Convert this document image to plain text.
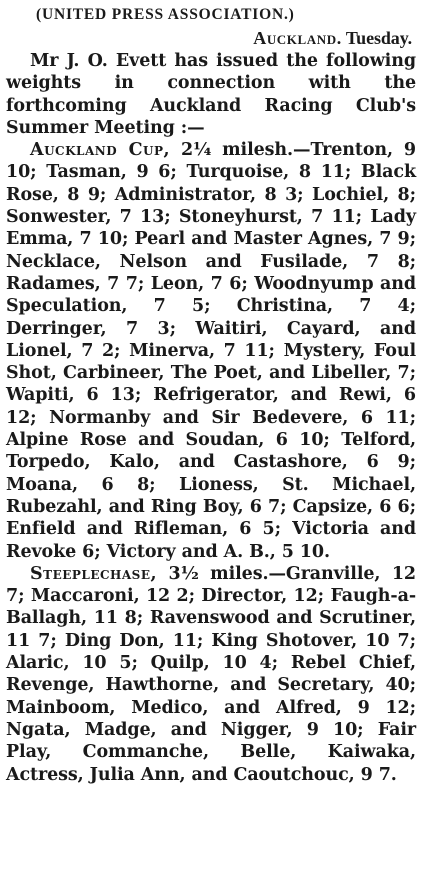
(UNITED PRESS ASSOCIATION.)
Auckland. Tuesday.

Mr J. O. Evett has issued the following weights in connection with the forthcoming Auckland Racing Club's Summer Meeting :—

Auckland Cup, 2¼ milesh.—Trenton, 9 10; Tasman, 9 6; Turquoise, 8 11; Black Rose, 8 9; Administrator, 8 3; Lochiel, 8; Sonwester, 7 13; Stoneyhurst, 7 11; Lady Emma, 7 10; Pearl and Master Agnes, 7 9; Necklace, Nelson and Fusilade, 7 8; Radames, 7 7; Leon, 7 6; Woodnyump and Speculation, 7 5; Christina, 7 4; Derringer, 7 3; Waitiri, Cayard, and Lionel, 7 2; Minerva, 7 11; Mystery, Foul Shot, Carbineer, The Poet, and Libeller, 7; Wapiti, 6 13; Refrigerator, and Rewi, 6 12; Normanby and Sir Bedevere, 6 11; Alpine Rose and Soudan, 6 10; Telford, Torpedo, Kalo, and Castashore, 6 9; Moana, 6 8; Lioness, St. Michael, Rubezahl, and Ring Boy, 6 7; Capsize, 6 6; Enfield and Rifleman, 6 5; Victoria and Revoke 6; Victory and A. B., 5 10.

Steeplechase, 3½ miles.—Granville, 12 7; Maccaroni, 12 2; Director, 12; Faugh-a-Ballagh, 11 8; Ravenswood and Scrutiner, 11 7; Ding Don, 11; King Shotover, 10 7; Alaric, 10 5; Quilp, 10 4; Rebel Chief, Revenge, Hawthorne, and Secretary, 40; Mainboom, Medico, and Alfred, 9 12; Ngata, Madge, and Nigger, 9 10; Fair Play, Commanche, Belle, Kaiwaka, Actress, Julia Ann, and Caoutchouc, 9 7.
